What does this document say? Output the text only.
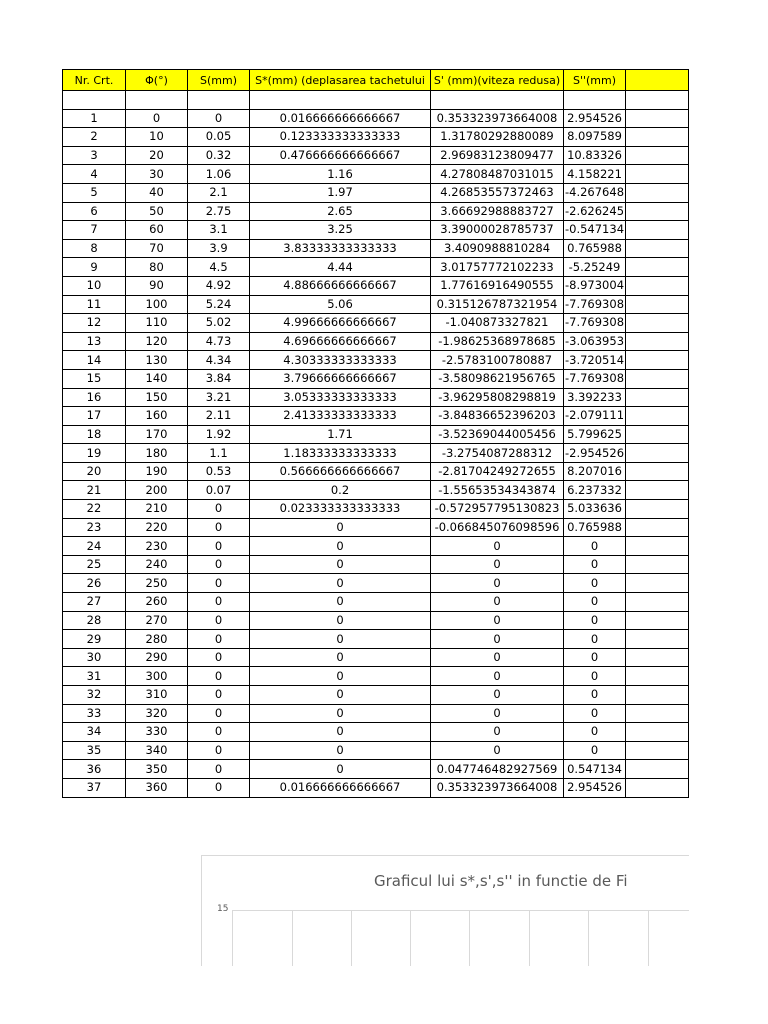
Nr. Crt.	Φ(°)	S(mm)	S*(mm) (deplasarea tachetului	S' (mm)(viteza redusa)	S''(mm)	

1	0	0	0.016666666666667	0.353323973664008	2.954526	
2	10	0.05	0.123333333333333	1.31780292880089	8.097589	
3	20	0.32	0.476666666666667	2.96983123809477	10.83326	
4	30	1.06	1.16	4.27808487031015	4.158221	
5	40	2.1	1.97	4.26853557372463	-4.267648	
6	50	2.75	2.65	3.66692988883727	-2.626245	
7	60	3.1	3.25	3.39000028785737	-0.547134	
8	70	3.9	3.83333333333333	3.4090988810284	0.765988	
9	80	4.5	4.44	3.01757772102233	-5.25249	
10	90	4.92	4.88666666666667	1.77616916490555	-8.973004	
11	100	5.24	5.06	0.315126787321954	-7.769308	
12	110	5.02	4.99666666666667	-1.040873327821	-7.769308	
13	120	4.73	4.69666666666667	-1.98625368978685	-3.063953	
14	130	4.34	4.30333333333333	-2.5783100780887	-3.720514	
15	140	3.84	3.79666666666667	-3.58098621956765	-7.769308	
16	150	3.21	3.05333333333333	-3.96295808298819	3.392233	
17	160	2.11	2.41333333333333	-3.84836652396203	-2.079111	
18	170	1.92	1.71	-3.52369044005456	5.799625	
19	180	1.1	1.18333333333333	-3.2754087288312	-2.954526	
20	190	0.53	0.566666666666667	-2.81704249272655	8.207016	
21	200	0.07	0.2	-1.55653534343874	6.237332	
22	210	0	0.023333333333333	-0.572957795130823	5.033636	
23	220	0	0	-0.066845076098596	0.765988	
24	230	0	0	0	0	
25	240	0	0	0	0	
26	250	0	0	0	0	
27	260	0	0	0	0	
28	270	0	0	0	0	
29	280	0	0	0	0	
30	290	0	0	0	0	
31	300	0	0	0	0	
32	310	0	0	0	0	
33	320	0	0	0	0	
34	330	0	0	0	0	
35	340	0	0	0	0	
36	350	0	0	0.047746482927569	0.547134	
37	360	0	0.016666666666667	0.353323973664008	2.954526	
Graficul lui s*,s',s'' in functie de Fi
15
